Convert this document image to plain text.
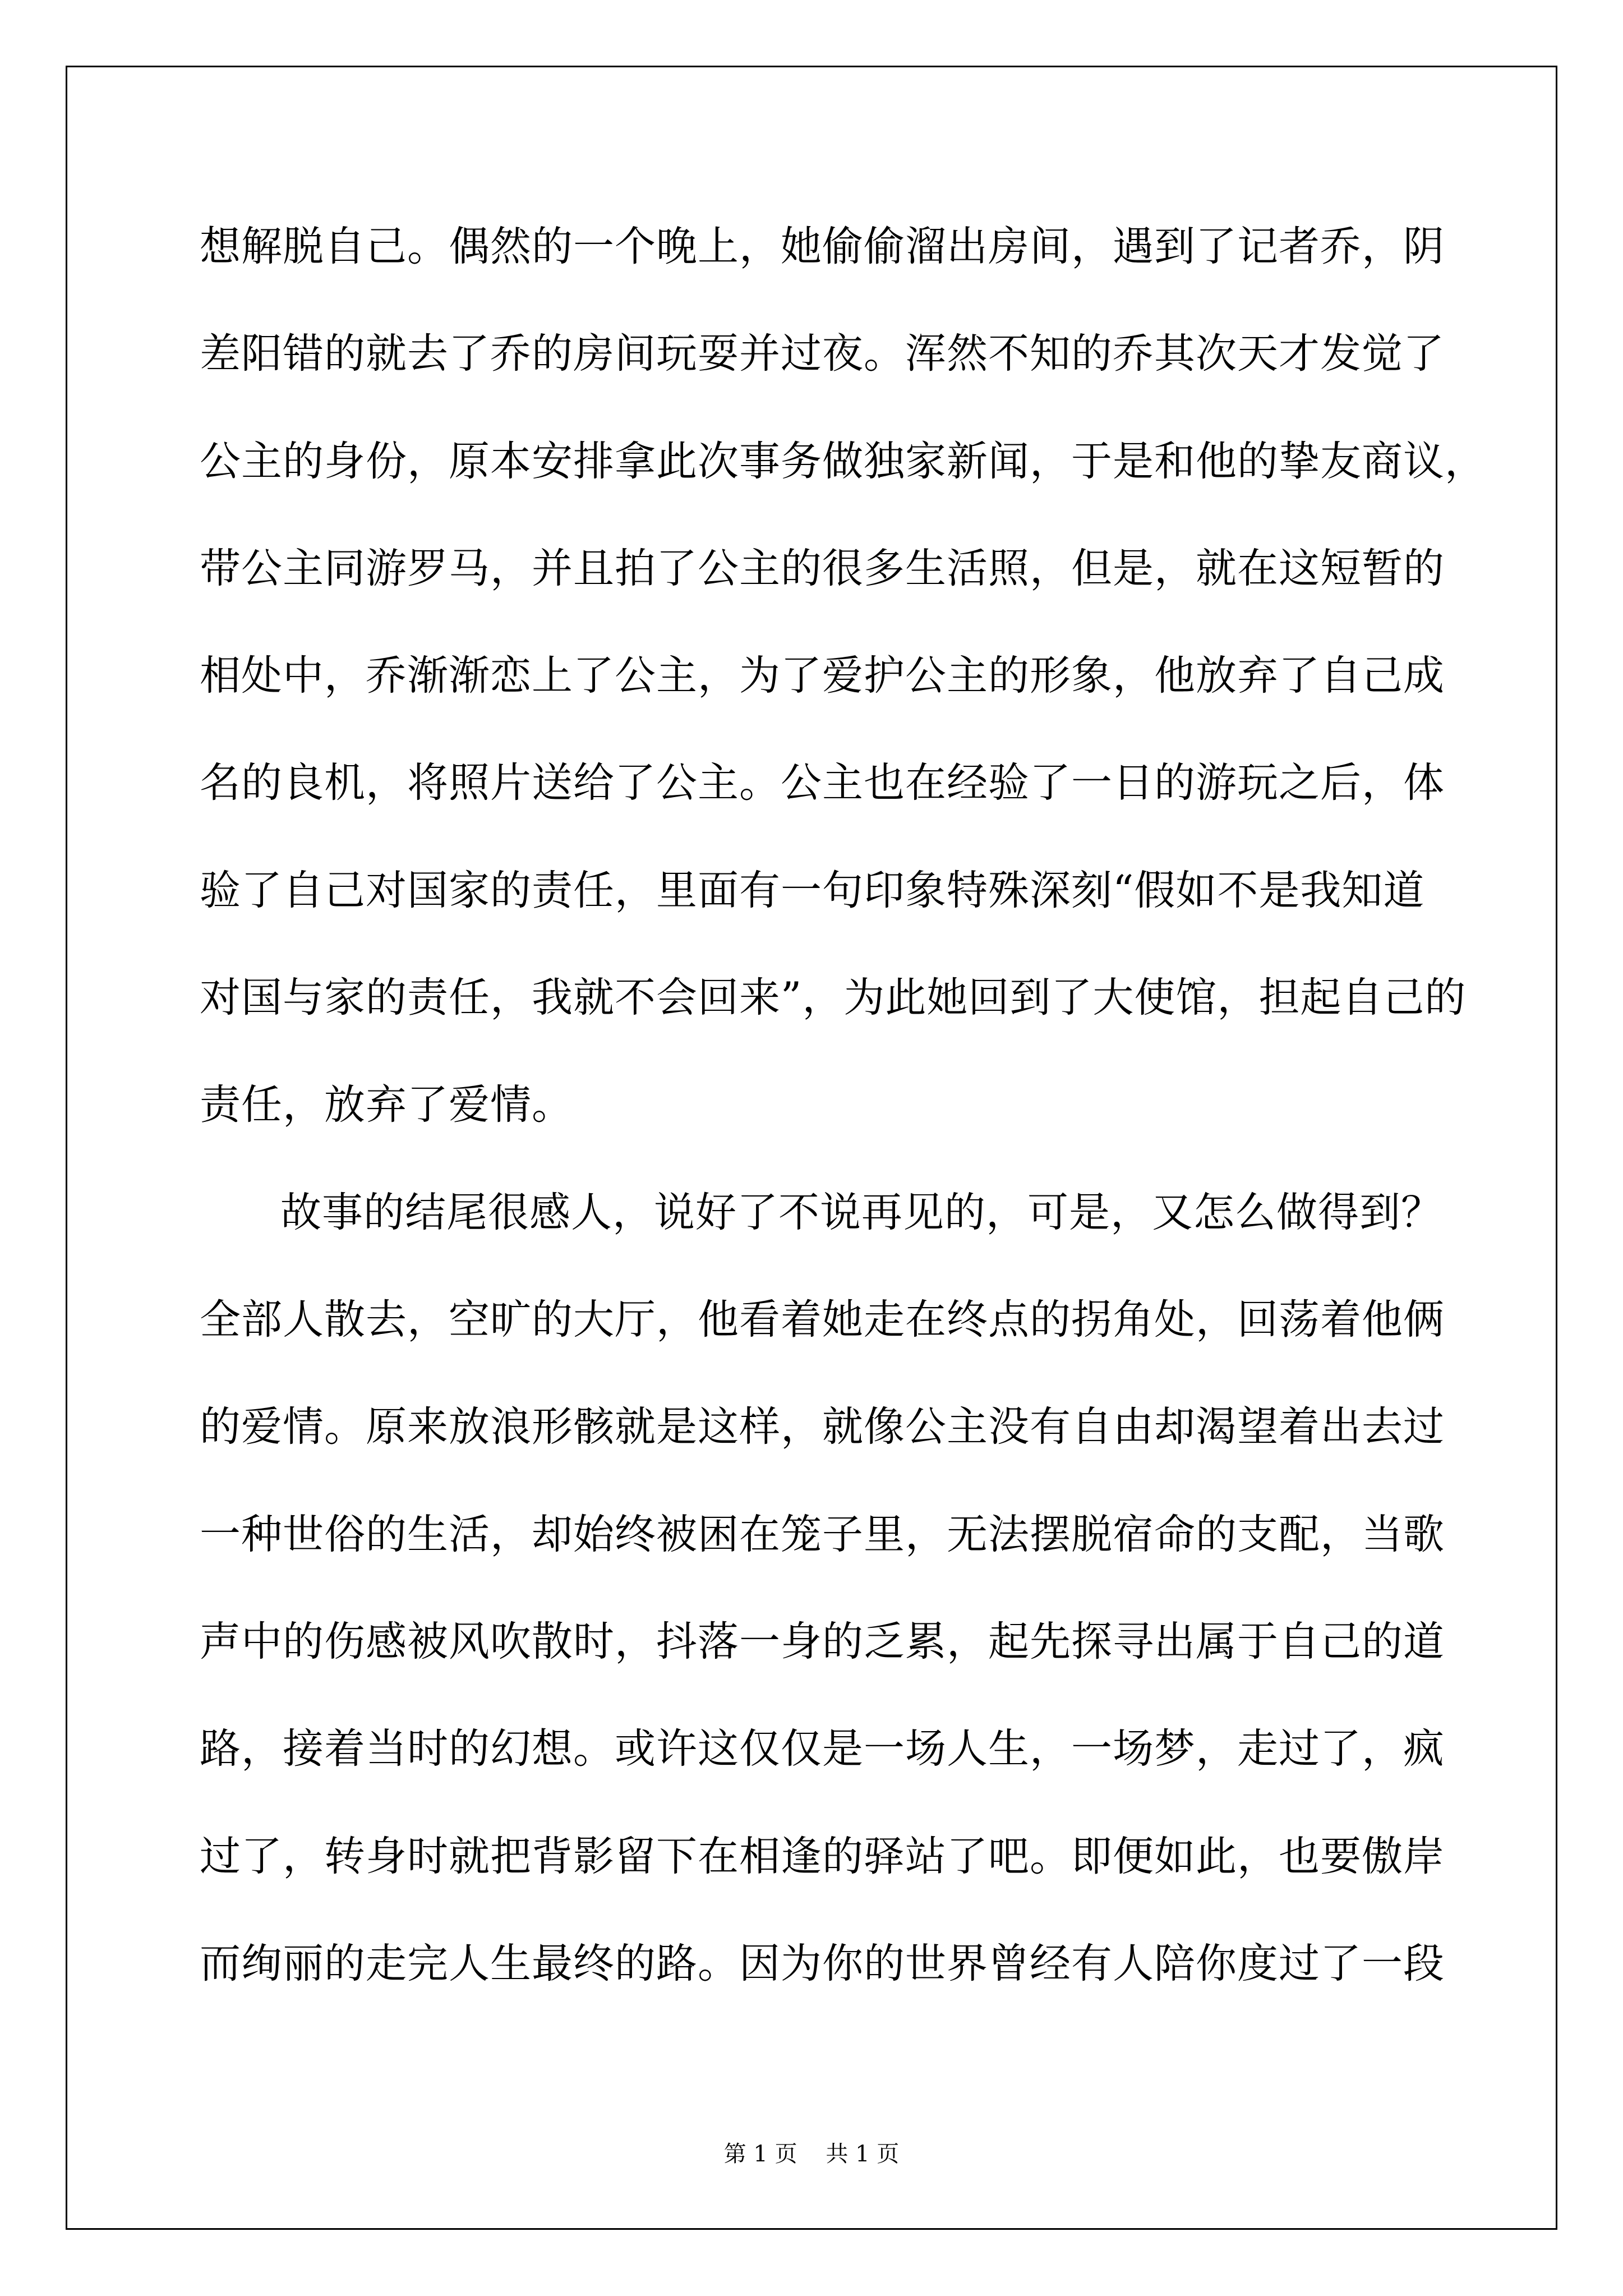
想解脱自己。偶然的一个晚上，她偷偷溜出房间，遇到了记者乔，阴
差阳错的就去了乔的房间玩耍并过夜。浑然不知的乔其次天才发觉了
公主的身份，原本安排拿此次事务做独家新闻，于是和他的挚友商议，
带公主同游罗马，并且拍了公主的很多生活照，但是，就在这短暂的
相处中，乔渐渐恋上了公主，为了爱护公主的形象，他放弃了自己成
名的良机，将照片送给了公主。公主也在经验了一日的游玩之后，体
验了自己对国家的责任，里面有一句印象特殊深刻“假如不是我知道
对国与家的责任，我就不会回来”，为此她回到了大使馆，担起自己的
责任，放弃了爱情。
故事的结尾很感人，说好了不说再见的，可是，又怎么做得到？
全部人散去，空旷的大厅，他看着她走在终点的拐角处，回荡着他俩
的爱情。原来放浪形骸就是这样，就像公主没有自由却渴望着出去过
一种世俗的生活，却始终被困在笼子里，无法摆脱宿命的支配，当歌
声中的伤感被风吹散时，抖落一身的乏累，起先探寻出属于自己的道
路，接着当时的幻想。或许这仅仅是一场人生，一场梦，走过了，疯
过了，转身时就把背影留下在相逢的驿站了吧。即便如此，也要傲岸
而绚丽的走完人生最终的路。因为你的世界曾经有人陪你度过了一段
第 1 页    共 1 页
